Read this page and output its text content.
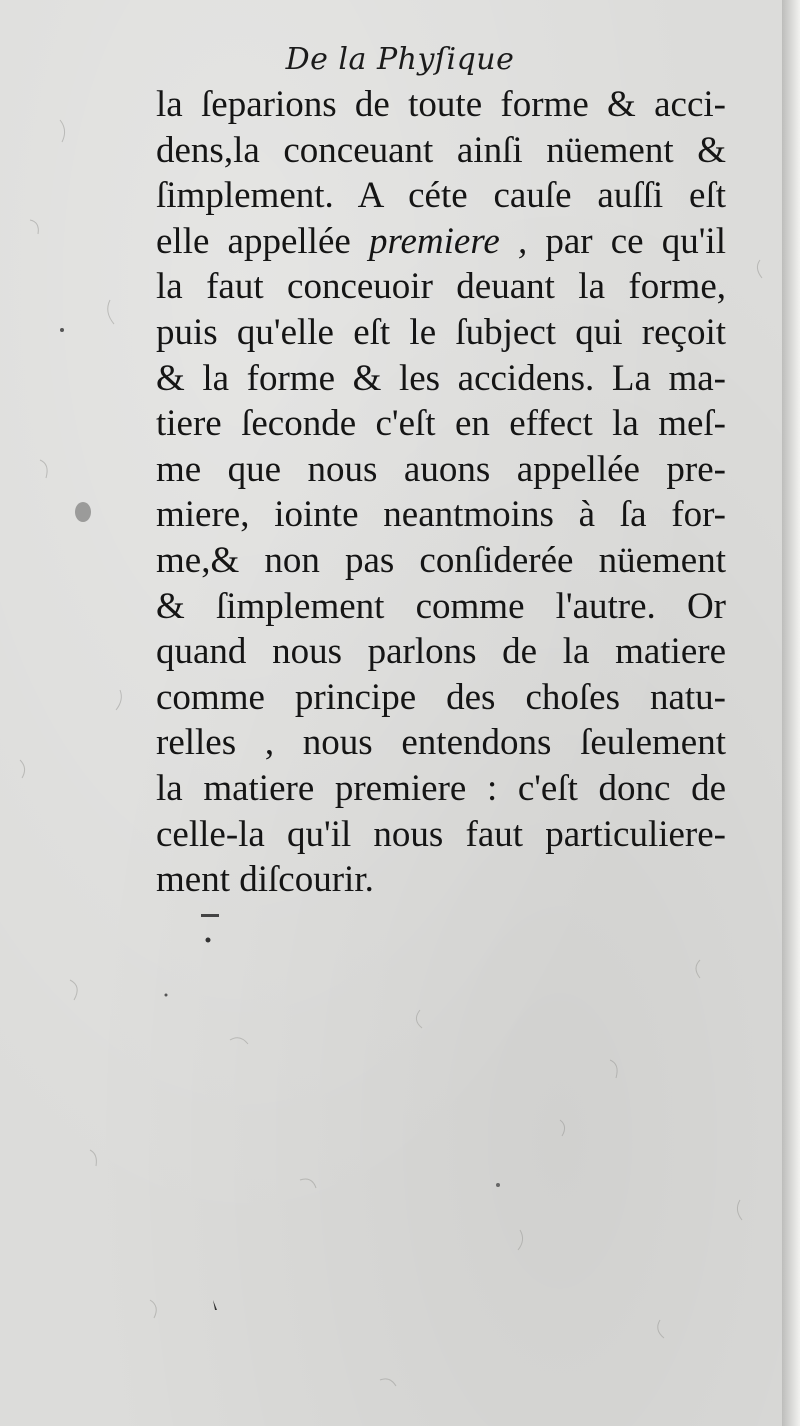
De la Phyſique
la ſeparions de toute forme & acci-
dens,la conceuant ainſi nüement &
ſimplement. A céte cauſe auſſi eſt
elle appellée premiere , par ce qu'il
la faut conceuoir deuant la forme,
puis qu'elle eſt le ſubject qui reçoit
& la forme & les accidens. La ma-
tiere ſeconde c'eſt en effect la meſ-
me que nous auons appellée pre-
miere, iointe neantmoins à ſa for-
me,& non pas conſiderée nüement
& ſimplement comme l'autre. Or
quand nous parlons de la matiere
comme principe des choſes natu-
relles , nous entendons ſeulement
la matiere premiere : c'eſt donc de
celle-la qu'il nous faut particuliere-
ment diſcourir.
